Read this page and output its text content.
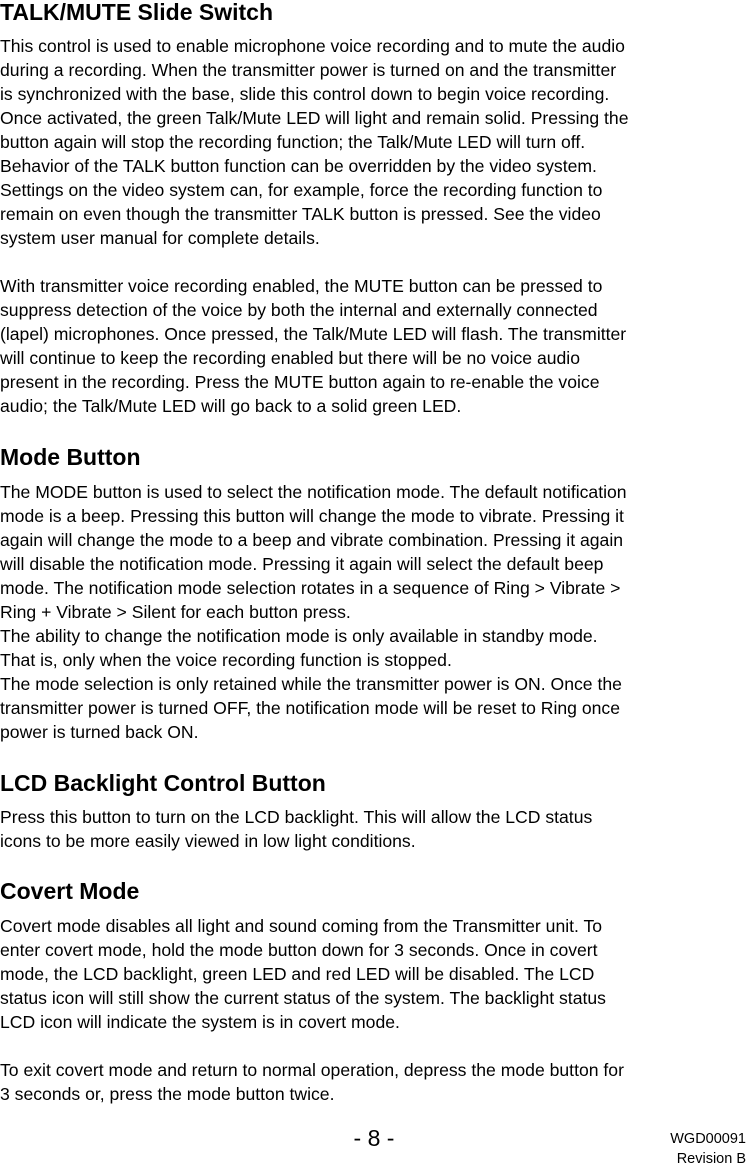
TALK/MUTE Slide Switch

This control is used to enable microphone voice recording and to mute the audio

during a recording. When the transmitter power is turned on and the transmitter

is synchronized with the base, slide this control down to begin voice recording.

Once activated, the green Talk/Mute LED will light and remain solid. Pressing the

button again will stop the recording function; the Talk/Mute LED will turn off.

Behavior of the TALK button function can be overridden by the video system.

Settings on the video system can, for example, force the recording function to

remain on even though the transmitter TALK button is pressed. See the video

system user manual for complete details.

With transmitter voice recording enabled, the MUTE button can be pressed to

suppress detection of the voice by both the internal and externally connected

(lapel) microphones. Once pressed, the Talk/Mute LED will flash. The transmitter

will continue to keep the recording enabled but there will be no voice audio

present in the recording. Press the MUTE button again to re-enable the voice

audio; the Talk/Mute LED will go back to a solid green LED.

Mode Button

The MODE button is used to select the notification mode. The default notification

mode is a beep. Pressing this button will change the mode to vibrate. Pressing it

again will change the mode to a beep and vibrate combination. Pressing it again

will disable the notification mode. Pressing it again will select the default beep

mode. The notification mode selection rotates in a sequence of Ring > Vibrate >

Ring + Vibrate > Silent for each button press.

The ability to change the notification mode is only available in standby mode.

That is, only when the voice recording function is stopped.

The mode selection is only retained while the transmitter power is ON. Once the

transmitter power is turned OFF, the notification mode will be reset to Ring once

power is turned back ON.

LCD Backlight Control Button

Press this button to turn on the LCD backlight. This will allow the LCD status

icons to be more easily viewed in low light conditions.

Covert Mode

Covert mode disables all light and sound coming from the Transmitter unit. To

enter covert mode, hold the mode button down for 3 seconds. Once in covert

mode, the LCD backlight, green LED and red LED will be disabled. The LCD

status icon will still show the current status of the system. The backlight status

LCD icon will indicate the system is in covert mode.

To exit covert mode and return to normal operation, depress the mode button for

3 seconds or, press the mode button twice.

- 8 -	WGD00091
Revision B
